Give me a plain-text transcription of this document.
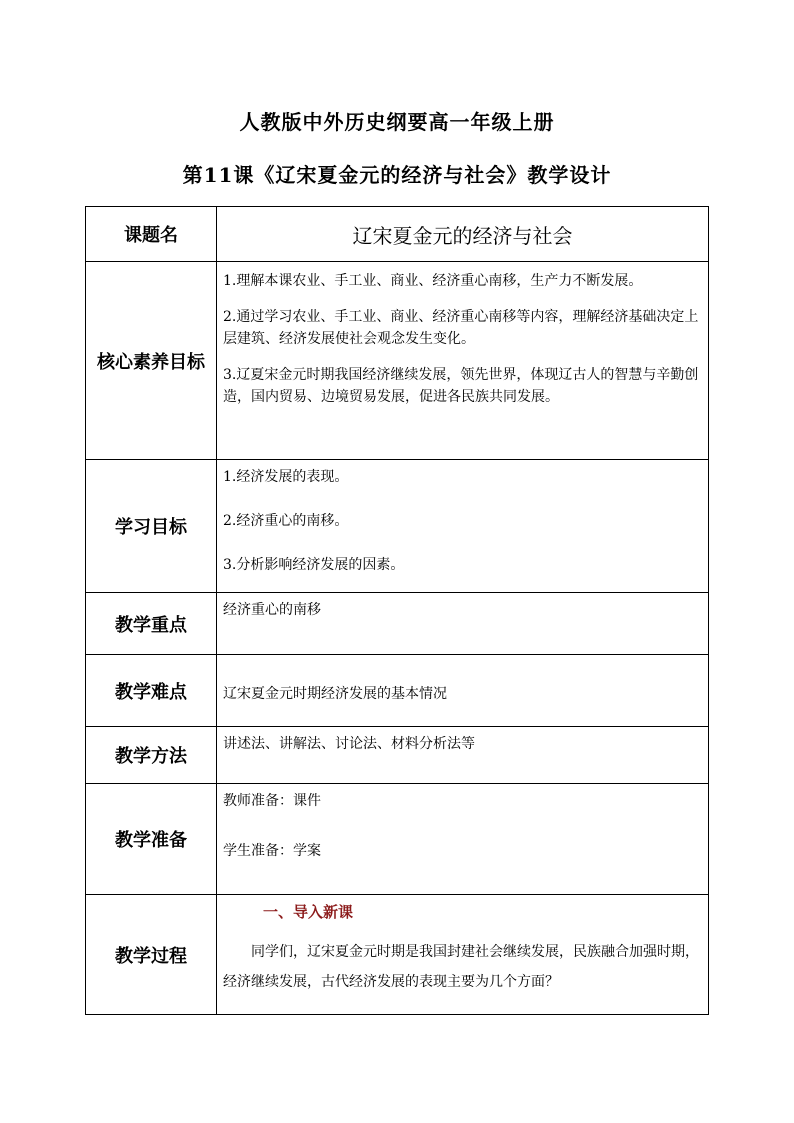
人教版中外历史纲要高一年级上册
第11课《辽宋夏金元的经济与社会》教学设计
课题名	辽宋夏金元的经济与社会
核心素养目标	1.理解本课农业、手工业、商业、经济重心南移，生产力不断发展。

2.通过学习农业、手工业、商业、经济重心南移等内容，理解经济基础决定上层建筑、经济发展使社会观念发生变化。

3.辽夏宋金元时期我国经济继续发展，领先世界，体现辽古人的智慧与辛勤创造，国内贸易、边境贸易发展，促进各民族共同发展。

学习目标	1.经济发展的表现。

2.经济重心的南移。

3.分析影响经济发展的因素。

教学重点	经济重心的南移
教学难点	辽宋夏金元时期经济发展的基本情况
教学方法	讲述法、讲解法、讨论法、材料分析法等
教学准备	教师准备：课件

学生准备：学案

教学过程	一、导入新课

同学们，辽宋夏金元时期是我国封建社会继续发展，民族融合加强时期，经济继续发展，古代经济发展的表现主要为几个方面？
